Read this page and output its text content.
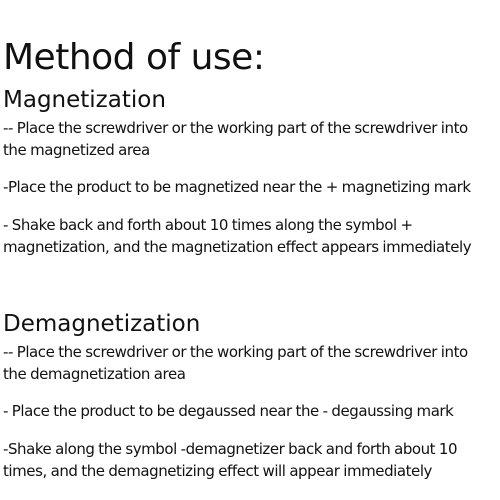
Method of use:
Magnetization
-- Place the screwdriver or the working part of the screwdriver into
the magnetized area
-Place the product to be magnetized near the + magnetizing mark
- Shake back and forth about 10 times along the symbol +
magnetization, and the magnetization effect appears immediately
Demagnetization
-- Place the screwdriver or the working part of the screwdriver into
the demagnetization area
- Place the product to be degaussed near the - degaussing mark
-Shake along the symbol -demagnetizer back and forth about 10
times, and the demagnetizing effect will appear immediately
